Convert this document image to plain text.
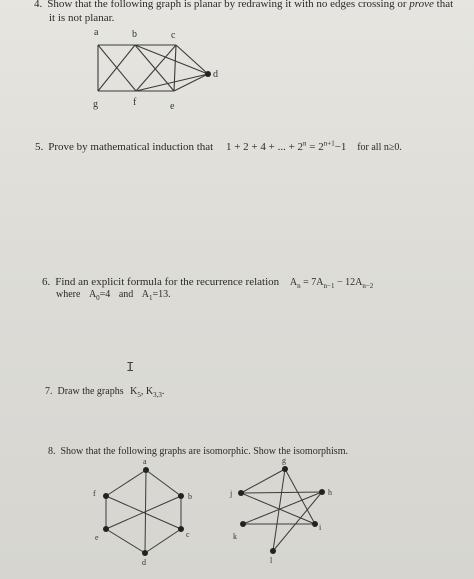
4. Show that the following graph is planar by redrawing it with no edges crossing or prove that
it is not planar.
a	b	c
d
g	f	e
5. Prove by mathematical induction that 1 + 2 + 4 + ... + $2^n = 2^{n+1}-1$ for all n≥0.
6. Find an explicit formula for the recurrence relation $A_n = 7A_{n-1} - 12A_{n-2}$
where $A_0=4$ and $A_1=13$.
I
7. Draw the graphs $K_5$, $K_{3,3}$.
8. Show that the following graphs are isomorphic. Show the isomorphism.
a
b
c
d
e
f
g
h
i
j
k
l
